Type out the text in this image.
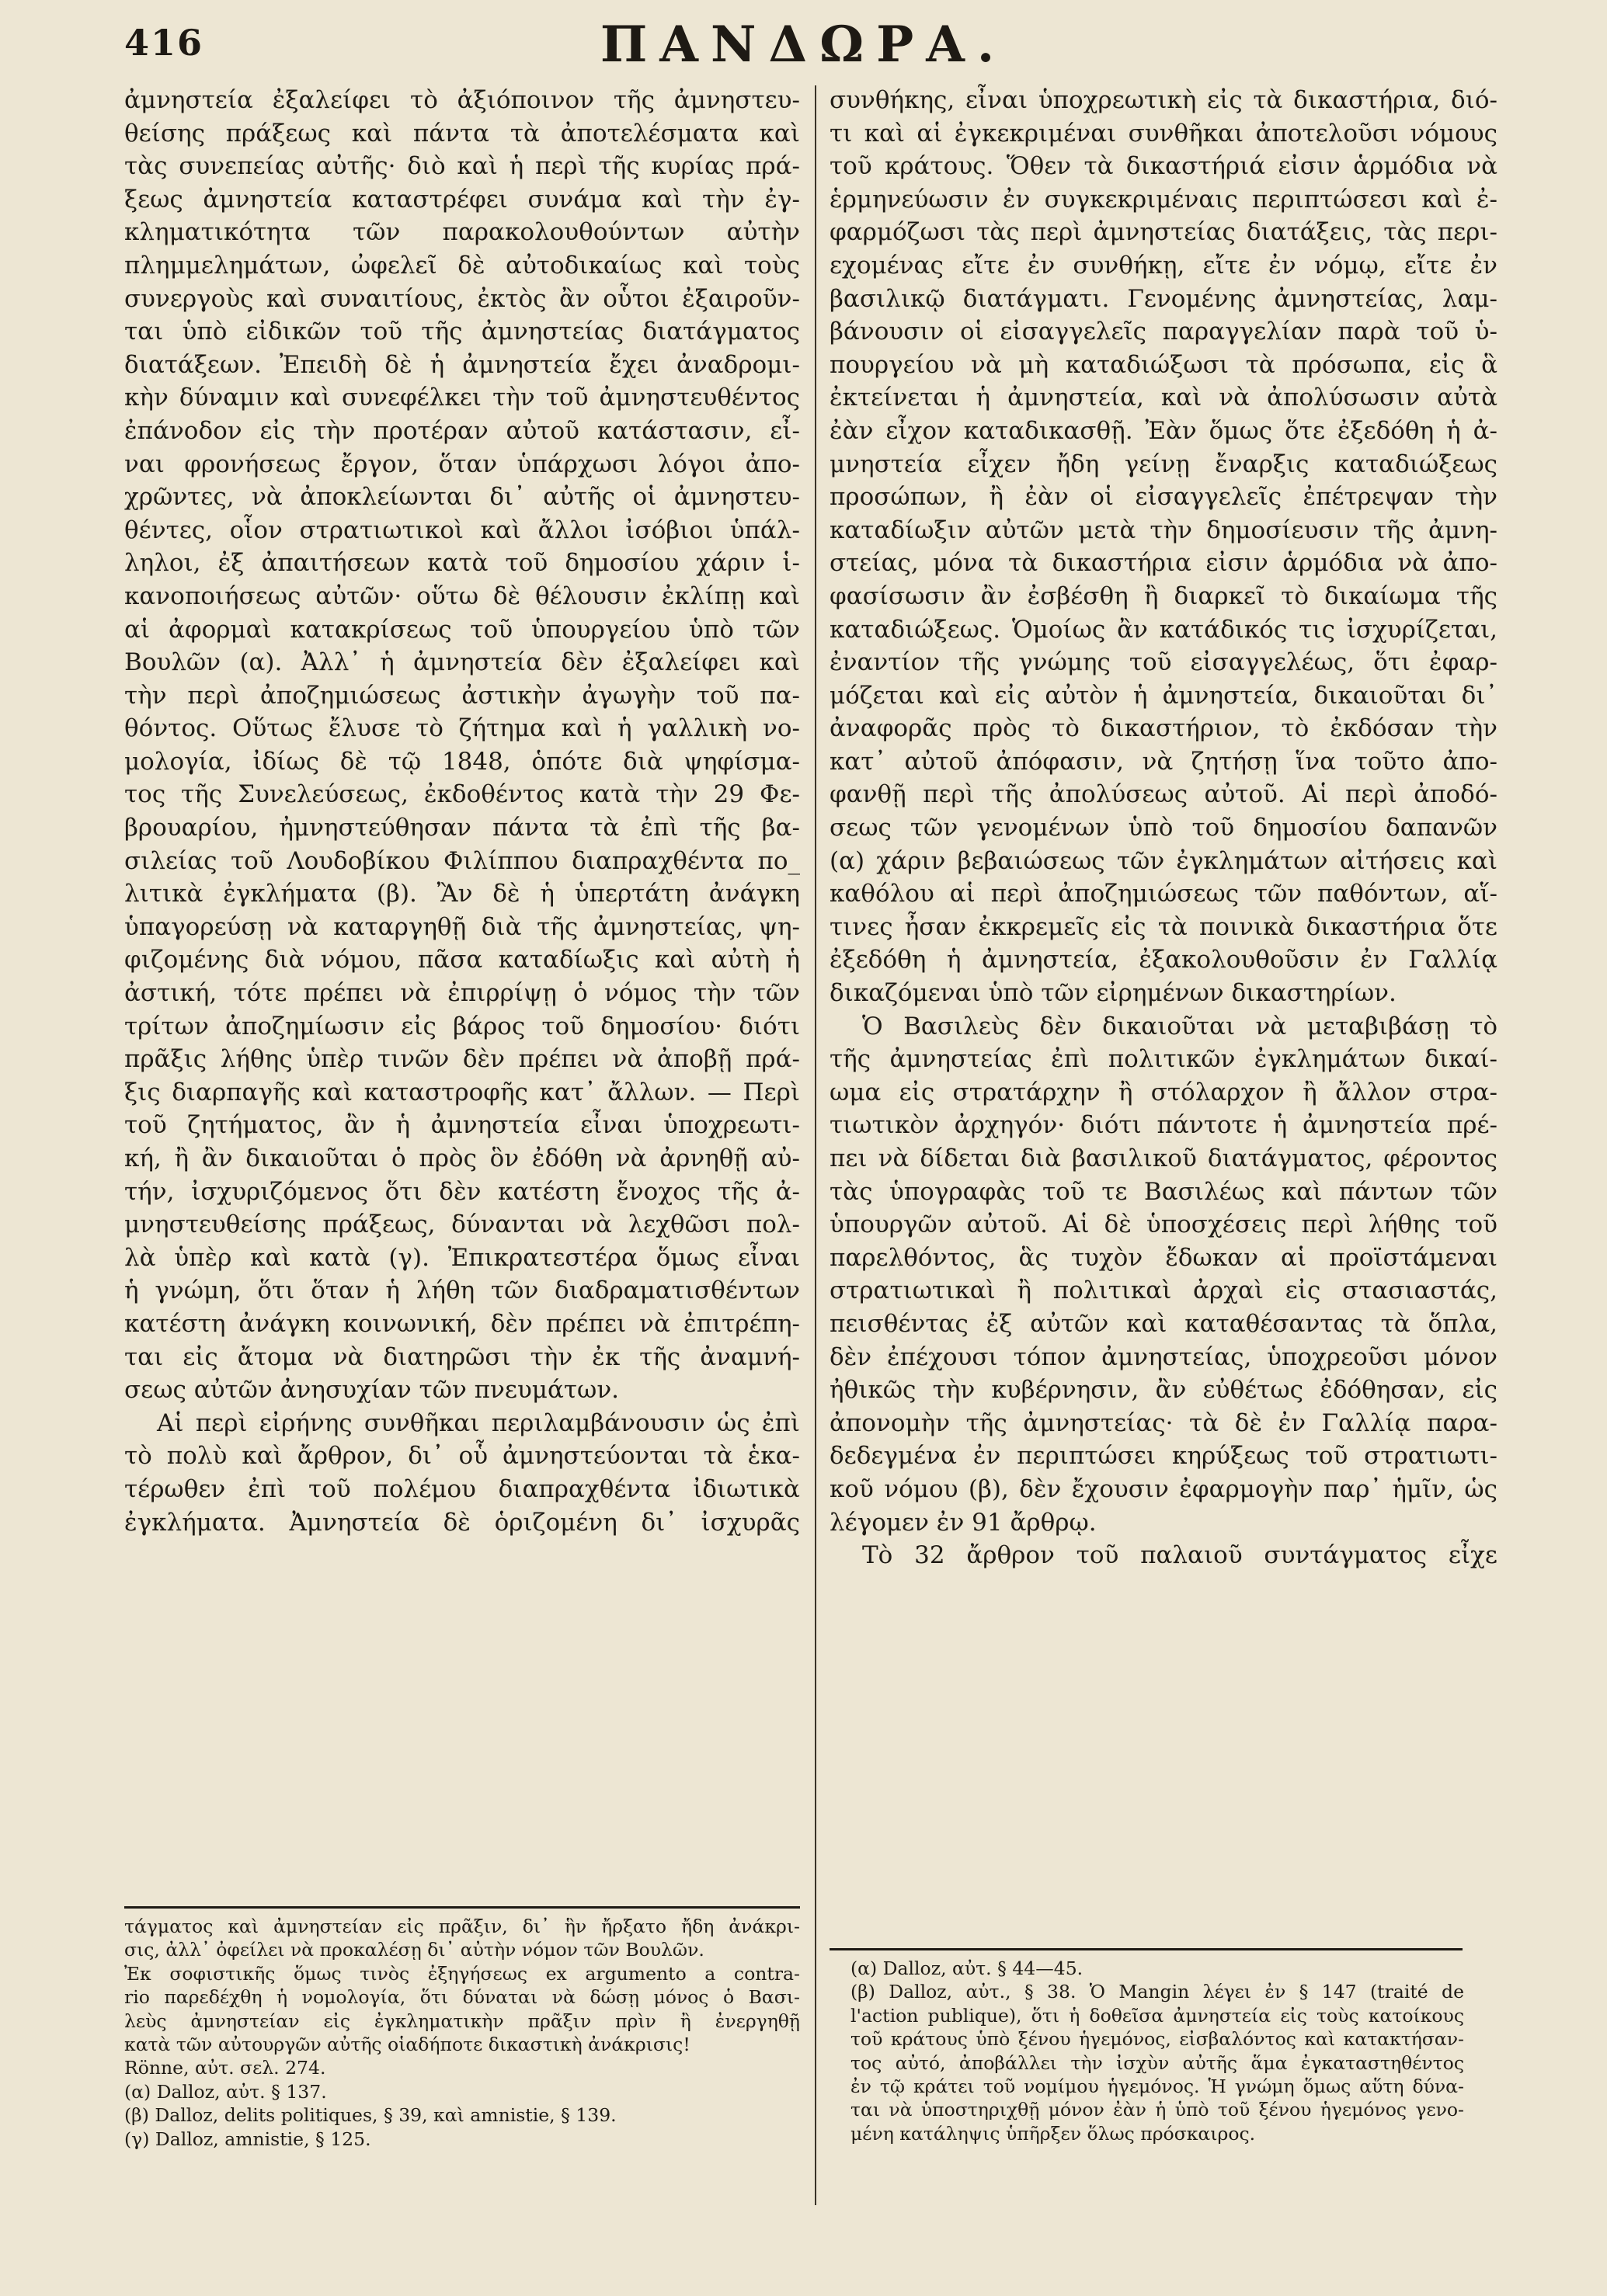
416	ΠΑΝΔΩΡΑ.
ἀμνηστεία ἐξαλείφει τὸ ἀξιόποινον τῆς ἀμνηστευ-
θείσης πράξεως καὶ πάντα τὰ ἀποτελέσματα καὶ
τὰς συνεπείας αὐτῆς· διὸ καὶ ἡ περὶ τῆς κυρίας πρά-
ξεως ἀμνηστεία καταστρέφει συνάμα καὶ τὴν ἐγ-
κληματικότητα τῶν παρακολουθούντων αὐτὴν
πλημμελημάτων, ὠφελεῖ δὲ αὐτοδικαίως καὶ τοὺς
συνεργοὺς καὶ συναιτίους, ἐκτὸς ἂν οὗτοι ἐξαιροῦν-
ται ὑπὸ εἰδικῶν τοῦ τῆς ἀμνηστείας διατάγματος
διατάξεων. Ἐπειδὴ δὲ ἡ ἀμνηστεία ἔχει ἀναδρομι-
κὴν δύναμιν καὶ συνεφέλκει τὴν τοῦ ἀμνηστευθέντος
ἐπάνοδον εἰς τὴν προτέραν αὐτοῦ κατάστασιν, εἶ-
ναι φρονήσεως ἔργον, ὅταν ὑπάρχωσι λόγοι ἀπο-
χρῶντες, νὰ ἀποκλείωνται δι᾽ αὐτῆς οἱ ἀμνηστευ-
θέντες, οἷον στρατιωτικοὶ καὶ ἄλλοι ἰσόβιοι ὑπάλ-
ληλοι, ἐξ ἀπαιτήσεων κατὰ τοῦ δημοσίου χάριν ἱ-
κανοποιήσεως αὐτῶν· οὕτω δὲ θέλουσιν ἐκλίπῃ καὶ
αἱ ἀφορμαὶ κατακρίσεως τοῦ ὑπουργείου ὑπὸ τῶν
Βουλῶν (α). Ἀλλ᾽ ἡ ἀμνηστεία δὲν ἐξαλείφει καὶ
τὴν περὶ ἀποζημιώσεως ἀστικὴν ἀγωγὴν τοῦ πα-
θόντος. Οὕτως ἔλυσε τὸ ζήτημα καὶ ἡ γαλλικὴ νο-
μολογία, ἰδίως δὲ τῷ 1848, ὁπότε διὰ ψηφίσμα-
τος τῆς Συνελεύσεως, ἐκδοθέντος κατὰ τὴν 29 Φε-
βρουαρίου, ἠμνηστεύθησαν πάντα τὰ ἐπὶ τῆς βα-
σιλείας τοῦ Λουδοβίκου Φιλίππου διαπραχθέντα πο_
λιτικὰ ἐγκλήματα (β). Ἂν δὲ ἡ ὑπερτάτη ἀνάγκη
ὑπαγορεύσῃ νὰ καταργηθῇ διὰ τῆς ἀμνηστείας, ψη-
φιζομένης διὰ νόμου, πᾶσα καταδίωξις καὶ αὐτὴ ἡ
ἀστική, τότε πρέπει νὰ ἐπιρρίψῃ ὁ νόμος τὴν τῶν
τρίτων ἀποζημίωσιν εἰς βάρος τοῦ δημοσίου· διότι
πρᾶξις λήθης ὑπὲρ τινῶν δὲν πρέπει νὰ ἀποβῇ πρά-
ξις διαρπαγῆς καὶ καταστροφῆς κατ᾽ ἄλλων. — Περὶ
τοῦ ζητήματος, ἂν ἡ ἀμνηστεία εἶναι ὑποχρεωτι-
κή, ἢ ἂν δικαιοῦται ὁ πρὸς ὃν ἐδόθη νὰ ἀρνηθῇ αὐ-
τήν, ἰσχυριζόμενος ὅτι δὲν κατέστη ἔνοχος τῆς ἀ-
μνηστευθείσης πράξεως, δύνανται νὰ λεχθῶσι πολ-
λὰ ὑπὲρ καὶ κατὰ (γ). Ἐπικρατεστέρα ὅμως εἶναι
ἡ γνώμη, ὅτι ὅταν ἡ λήθη τῶν διαδραματισθέντων
κατέστη ἀνάγκη κοινωνική, δὲν πρέπει νὰ ἐπιτρέπη-
ται εἰς ἄτομα νὰ διατηρῶσι τὴν ἐκ τῆς ἀναμνή-
σεως αὐτῶν ἀνησυχίαν τῶν πνευμάτων.
Αἱ περὶ εἰρήνης συνθῆκαι περιλαμβάνουσιν ὡς ἐπὶ
τὸ πολὺ καὶ ἄρθρον, δι᾽ οὗ ἀμνηστεύονται τὰ ἑκα-
τέρωθεν ἐπὶ τοῦ πολέμου διαπραχθέντα ἰδιωτικὰ
ἐγκλήματα. Ἀμνηστεία δὲ ὁριζομένη δι᾽ ἰσχυρᾶς
συνθήκης, εἶναι ὑποχρεωτικὴ εἰς τὰ δικαστήρια, διό-
τι καὶ αἱ ἐγκεκριμέναι συνθῆκαι ἀποτελοῦσι νόμους
τοῦ κράτους. Ὅθεν τὰ δικαστήριά εἰσιν ἁρμόδια νὰ
ἑρμηνεύωσιν ἐν συγκεκριμέναις περιπτώσεσι καὶ ἐ-
φαρμόζωσι τὰς περὶ ἀμνηστείας διατάξεις, τὰς περι-
εχομένας εἴτε ἐν συνθήκῃ, εἴτε ἐν νόμῳ, εἴτε ἐν
βασιλικῷ διατάγματι. Γενομένης ἀμνηστείας, λαμ-
βάνουσιν οἱ εἰσαγγελεῖς παραγγελίαν παρὰ τοῦ ὑ-
πουργείου νὰ μὴ καταδιώξωσι τὰ πρόσωπα, εἰς ἃ
ἐκτείνεται ἡ ἀμνηστεία, καὶ νὰ ἀπολύσωσιν αὐτὰ
ἐὰν εἶχον καταδικασθῇ. Ἐὰν ὅμως ὅτε ἐξεδόθη ἡ ἀ-
μνηστεία εἶχεν ἤδη γείνῃ ἔναρξις καταδιώξεως
προσώπων, ἢ ἐὰν οἱ εἰσαγγελεῖς ἐπέτρεψαν τὴν
καταδίωξιν αὐτῶν μετὰ τὴν δημοσίευσιν τῆς ἀμνη-
στείας, μόνα τὰ δικαστήρια εἰσιν ἁρμόδια νὰ ἀπο-
φασίσωσιν ἂν ἐσβέσθη ἢ διαρκεῖ τὸ δικαίωμα τῆς
καταδιώξεως. Ὁμοίως ἂν κατάδικός τις ἰσχυρίζεται,
ἐναντίον τῆς γνώμης τοῦ εἰσαγγελέως, ὅτι ἐφαρ-
μόζεται καὶ εἰς αὐτὸν ἡ ἀμνηστεία, δικαιοῦται δι᾽
ἀναφορᾶς πρὸς τὸ δικαστήριον, τὸ ἐκδόσαν τὴν
κατ᾽ αὐτοῦ ἀπόφασιν, νὰ ζητήσῃ ἵνα τοῦτο ἀπο-
φανθῇ περὶ τῆς ἀπολύσεως αὐτοῦ. Αἱ περὶ ἀποδό-
σεως τῶν γενομένων ὑπὸ τοῦ δημοσίου δαπανῶν
(α) χάριν βεβαιώσεως τῶν ἐγκλημάτων αἰτήσεις καὶ
καθόλου αἱ περὶ ἀποζημιώσεως τῶν παθόντων, αἵ-
τινες ἦσαν ἐκκρεμεῖς εἰς τὰ ποινικὰ δικαστήρια ὅτε
ἐξεδόθη ἡ ἀμνηστεία, ἐξακολουθοῦσιν ἐν Γαλλίᾳ
δικαζόμεναι ὑπὸ τῶν εἰρημένων δικαστηρίων.
Ὁ Βασιλεὺς δὲν δικαιοῦται νὰ μεταβιβάσῃ τὸ
τῆς ἀμνηστείας ἐπὶ πολιτικῶν ἐγκλημάτων δικαί-
ωμα εἰς στρατάρχην ἢ στόλαρχον ἢ ἄλλον στρα-
τιωτικὸν ἀρχηγόν· διότι πάντοτε ἡ ἀμνηστεία πρέ-
πει νὰ δίδεται διὰ βασιλικοῦ διατάγματος, φέροντος
τὰς ὑπογραφὰς τοῦ τε Βασιλέως καὶ πάντων τῶν
ὑπουργῶν αὐτοῦ. Αἱ δὲ ὑποσχέσεις περὶ λήθης τοῦ
παρελθόντος, ἃς τυχὸν ἔδωκαν αἱ προϊστάμεναι
στρατιωτικαὶ ἢ πολιτικαὶ ἀρχαὶ εἰς στασιαστάς,
πεισθέντας ἐξ αὐτῶν καὶ καταθέσαντας τὰ ὅπλα,
δὲν ἐπέχουσι τόπον ἀμνηστείας, ὑποχρεοῦσι μόνον
ἠθικῶς τὴν κυβέρνησιν, ἂν εὐθέτως ἐδόθησαν, εἰς
ἀπονομὴν τῆς ἀμνηστείας· τὰ δὲ ἐν Γαλλίᾳ παρα-
δεδεγμένα ἐν περιπτώσει κηρύξεως τοῦ στρατιωτι-
κοῦ νόμου (β), δὲν ἔχουσιν ἐφαρμογὴν παρ᾽ ἡμῖν, ὡς
λέγομεν ἐν 91 ἄρθρῳ.
Τὸ 32 ἄρθρον τοῦ παλαιοῦ συντάγματος εἶχε
τάγματος καὶ ἀμνηστείαν εἰς πρᾶξιν, δι᾽ ἣν ἤρξατο ἤδη ἀνάκρι-
σις, ἀλλ᾽ ὀφείλει νὰ προκαλέσῃ δι᾽ αὐτὴν νόμον τῶν Βουλῶν.
Ἐκ σοφιστικῆς ὅμως τινὸς ἐξηγήσεως ex argumento a contra-
rio παρεδέχθη ἡ νομολογία, ὅτι δύναται νὰ δώσῃ μόνος ὁ Βασι-
λεὺς ἀμνηστείαν εἰς ἐγκληματικὴν πρᾶξιν πρὶν ἢ ἐνεργηθῇ
κατὰ τῶν αὐτουργῶν αὐτῆς οἱαδήποτε δικαστικὴ ἀνάκρισις!
Rönne, αὐτ. σελ. 274.
(α) Dalloz, αὐτ. § 137.
(β) Dalloz, delits politiques, § 39, καὶ amnistie, § 139.
(γ) Dalloz, amnistie, § 125.
(α) Dalloz, αὐτ. § 44—45.
(β) Dalloz, αὐτ., § 38. Ὁ Mangin λέγει ἐν § 147 (traité de
l'action publique), ὅτι ἡ δοθεῖσα ἀμνηστεία εἰς τοὺς κατοίκους
τοῦ κράτους ὑπὸ ξένου ἡγεμόνος, εἰσβαλόντος καὶ κατακτήσαν-
τος αὐτό, ἀποβάλλει τὴν ἰσχὺν αὐτῆς ἅμα ἐγκαταστηθέντος
ἐν τῷ κράτει τοῦ νομίμου ἡγεμόνος. Ἡ γνώμη ὅμως αὕτη δύνα-
ται νὰ ὑποστηριχθῇ μόνον ἐὰν ἡ ὑπὸ τοῦ ξένου ἡγεμόνος γενο-
μένη κατάληψις ὑπῆρξεν ὅλως πρόσκαιρος.
